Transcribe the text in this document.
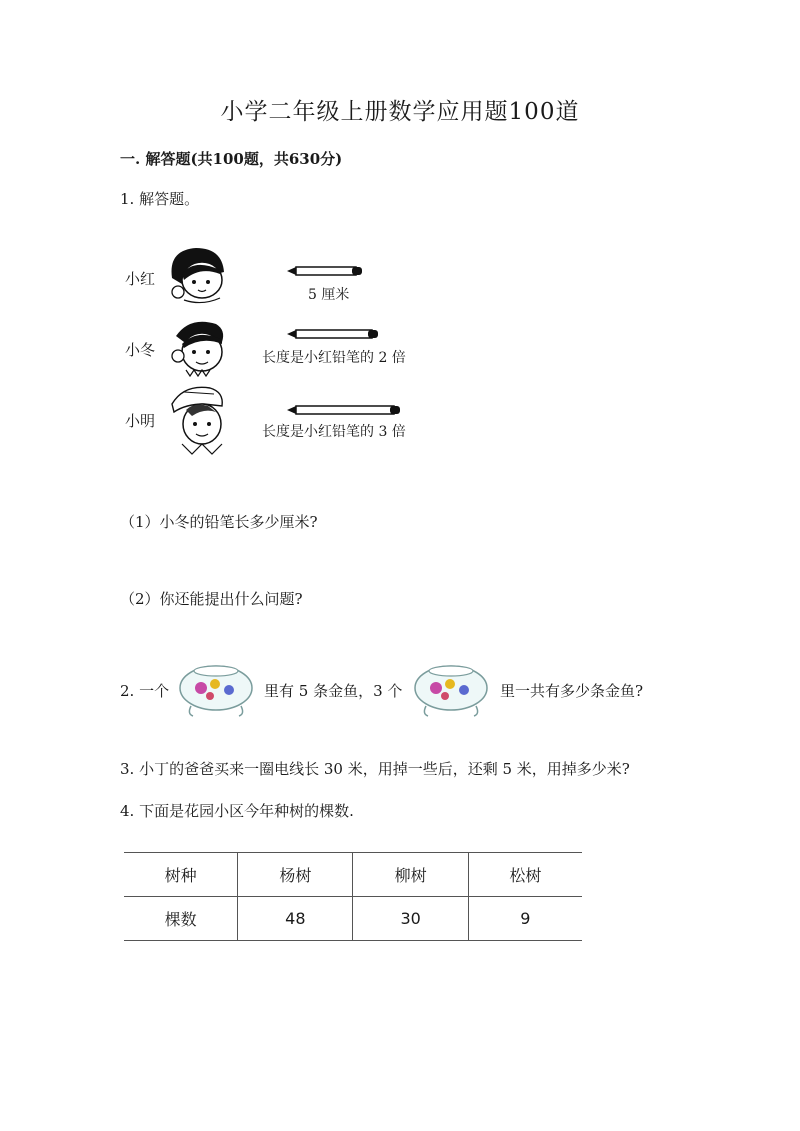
小学二年级上册数学应用题100道
一. 解答题(共100题，共630分)
1. 解答题。
小红
5 厘米
小冬	长度是小红铅笔的 2 倍
小明
长度是小红铅笔的 3 倍
（1）小冬的铅笔长多少厘米?
（2）你还能提出什么问题?
2. 一个	里有 5 条金鱼，3 个	里一共有多少条金鱼?
3. 小丁的爸爸买来一圈电线长 30 米，用掉一些后，还剩 5 米，用掉多少米?
4. 下面是花园小区今年种树的棵数.
树种	杨树	柳树	松树
棵数	48	30	9
